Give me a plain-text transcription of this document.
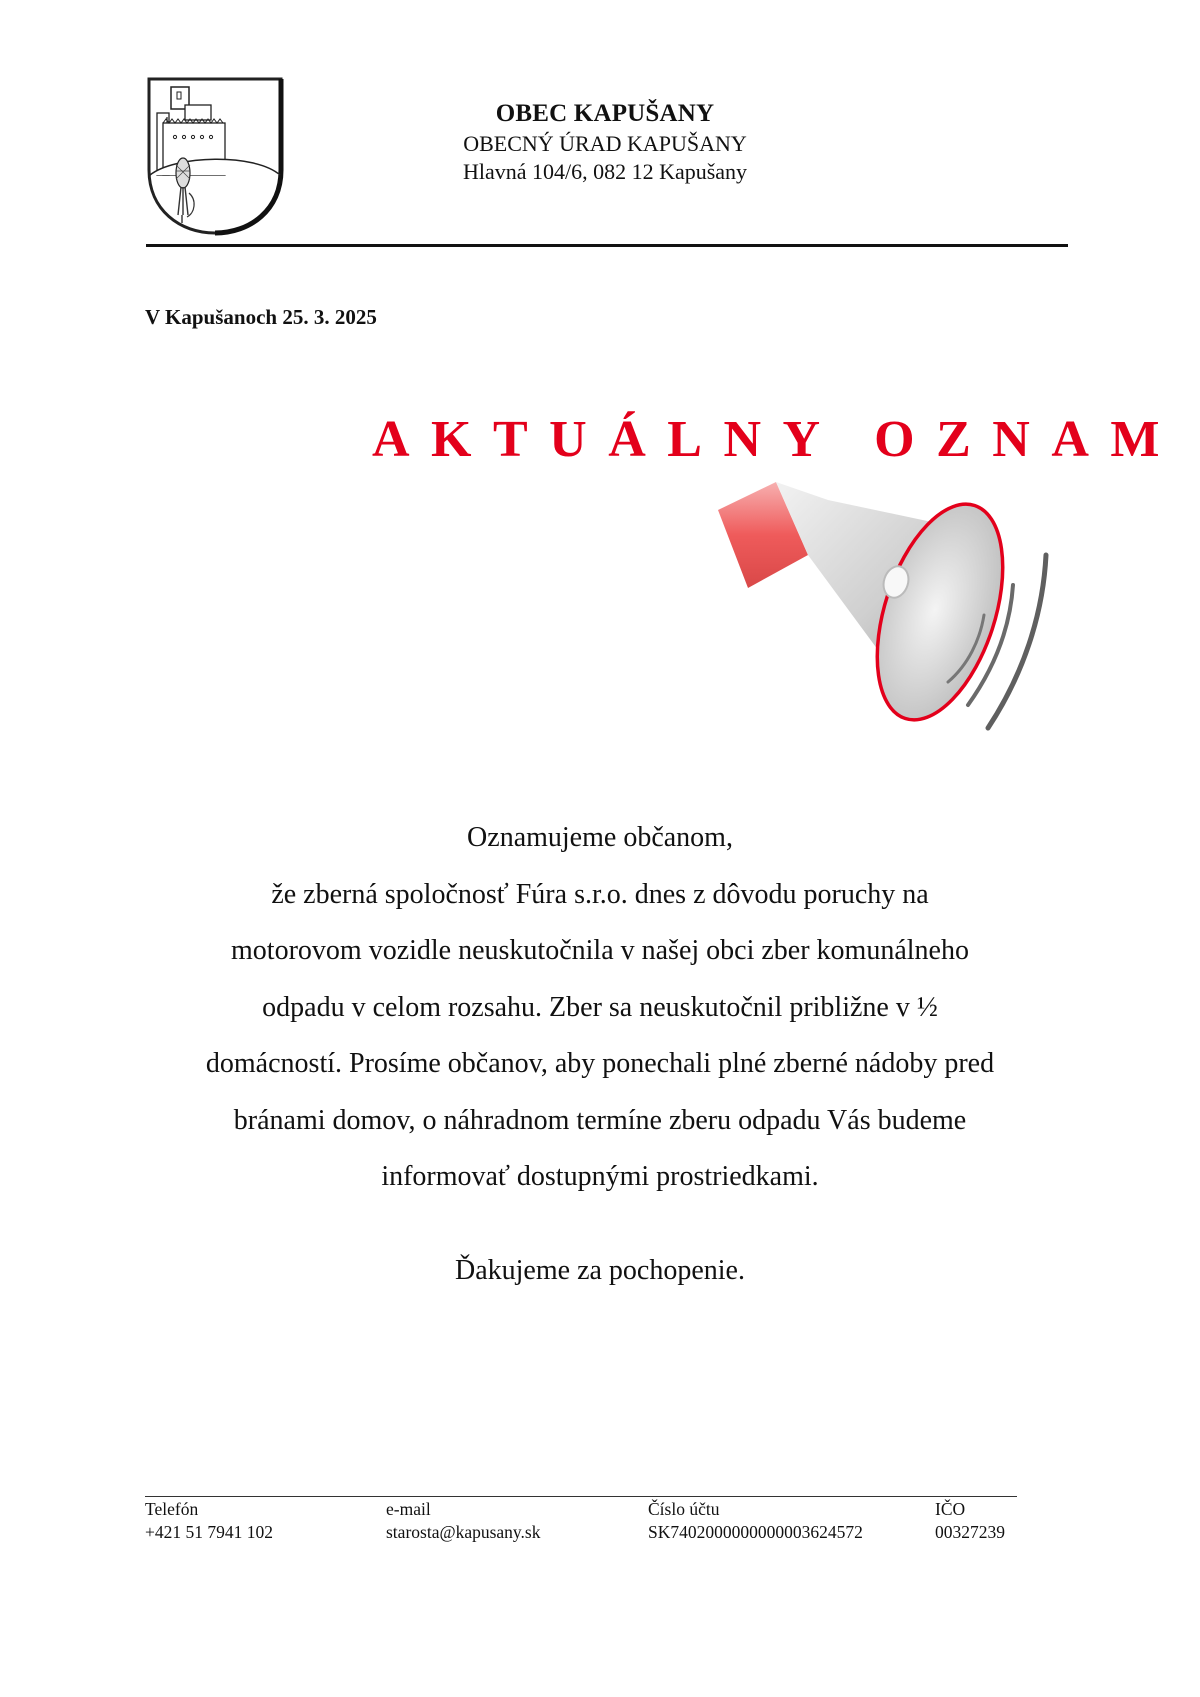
OBEC KAPUŠANY
OBECNÝ ÚRAD KAPUŠANY
Hlavná 104/6, 082 12 Kapušany
V Kapušanoch 25. 3. 2025
AKTUÁLNY OZNAM
Oznamujeme občanom,
že zberná spoločnosť Fúra s.r.o. dnes z dôvodu poruchy na
motorovom vozidle neuskutočnila v našej obci zber komunálneho
odpadu v celom rozsahu. Zber sa neuskutočnil približne v ½
domácností. Prosíme občanov, aby ponechali plné zberné nádoby pred
bránami domov, o náhradnom termíne zberu odpadu Vás budeme
informovať dostupnými prostriedkami.
Ďakujeme za pochopenie.
Telefón
+421 51 7941 102
e-mail
starosta@kapusany.sk
Číslo účtu
SK7402000000000003624572
IČO
00327239
